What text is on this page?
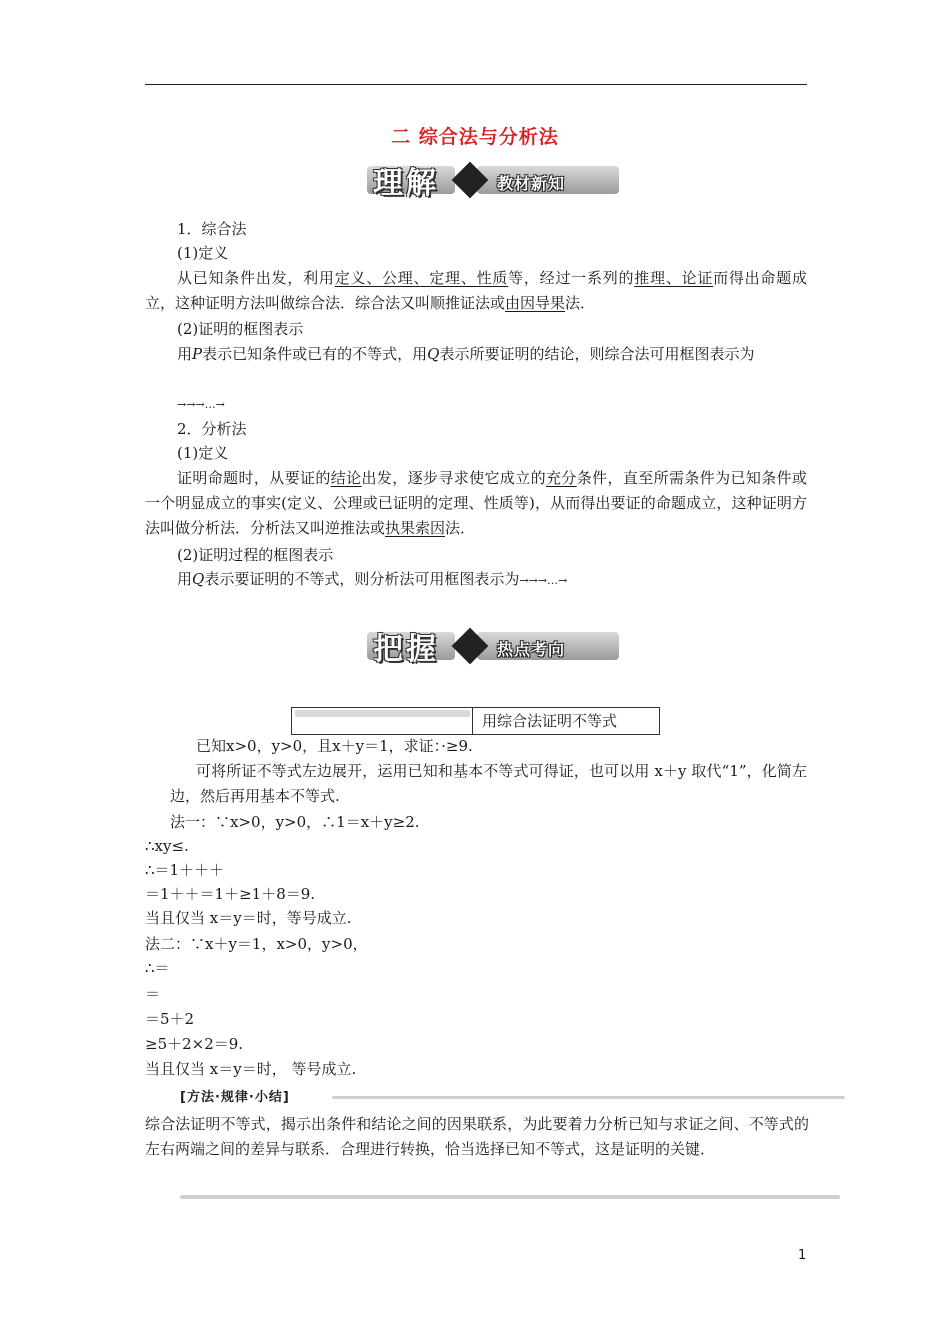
二 综合法与分析法
理解	教材新知
1．综合法
(1)定义
从已知条件出发，利用定义、公理、定理、性质等，经过一系列的推理、论证而得出命题成立，这种证明方法叫做综合法．综合法又叫顺推证法或由因导果法．
(2)证明的框图表示
用P表示已知条件或已有的不等式，用Q表示所要证明的结论，则综合法可用框图表示为
→→→…→
2．分析法
(1)定义
证明命题时，从要证的结论出发，逐步寻求使它成立的充分条件，直至所需条件为已知条件或一个明显成立的事实(定义、公理或已证明的定理、性质等)，从而得出要证的命题成立，这种证明方法叫做分析法．分析法又叫逆推法或执果索因法．
(2)证明过程的框图表示
用Q表示要证明的不等式，则分析法可用框图表示为→→→…→
把握	热点考向
用综合法证明不等式
已知x>0，y>0，且x＋y＝1，求证：·≥9.
可将所证不等式左边展开，运用已知和基本不等式可得证，也可以用 x＋y 取代“1”，化简左边，然后再用基本不等式.
法一：∵x>0，y>0，∴1＝x＋y≥2.
∴xy≤.
∴＝1＋＋＋
＝1＋＋＝1＋≥1＋8＝9.
当且仅当 x＝y＝时，等号成立.
法二：∵x＋y＝1，x>0，y>0，
∴＝
＝
＝5＋2
≥5＋2×2＝9.
当且仅当 x＝y＝时， 等号成立.
[方法·规律·小结]
综合法证明不等式，揭示出条件和结论之间的因果联系，为此要着力分析已知与求证之间、不等式的左右两端之间的差异与联系．合理进行转换，恰当选择已知不等式，这是证明的关键．
1
